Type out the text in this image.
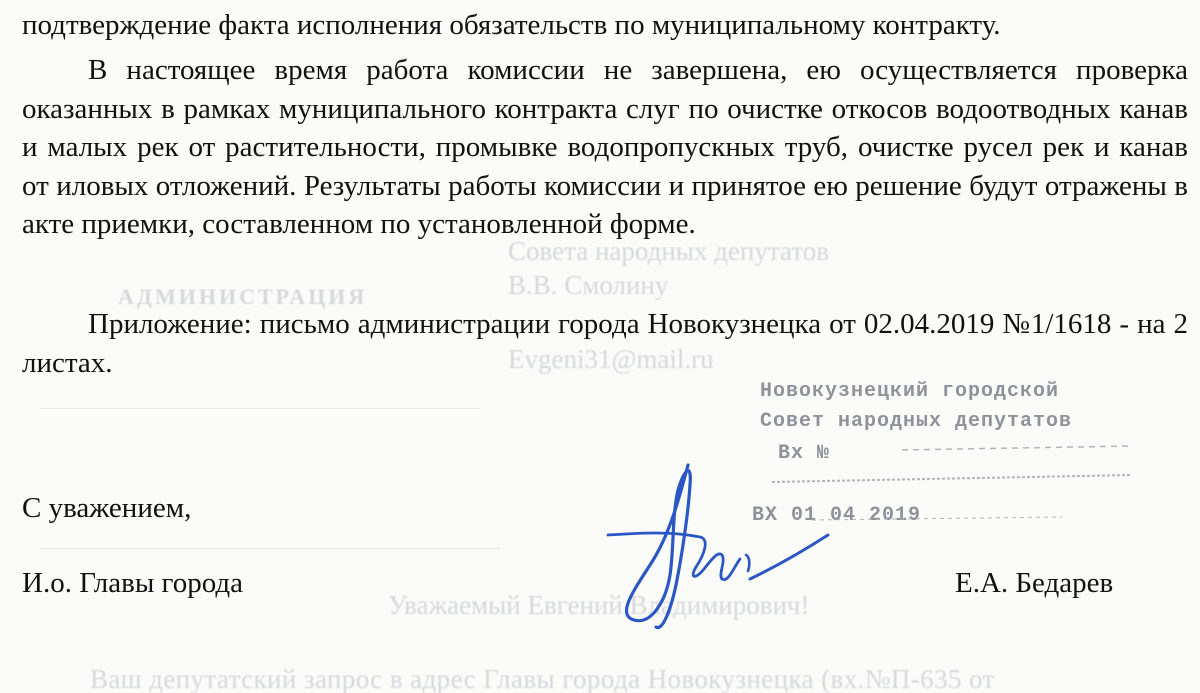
Совета народных депутатов
В.В. Смолину
Evgeni31@mail.ru
АДМИНИСТРАЦИЯ
Уважаемый Евгений Владимирович!
Ваш депутатский запрос в адрес Главы города Новокузнецка (вх.№П-635 от

подтверждение факта исполнения обязательств по муниципальному контракту.

В настоящее время работа комиссии не завершена, ею осуществляется проверка оказанных в рамках муниципального контракта слуг по очистке откосов водоотводных канав и малых рек от растительности, промывке водопропускных труб, очистке русел рек и канав от иловых отложений. Результаты работы комиссии и принятое ею решение будут отражены в акте приемки, составленном по установленной форме.

Приложение: письмо администрации города Новокузнецка от 02.04.2019 №1/1618 - на 2 листах.

С уважением,

И.о. Главы города	Е.А. Бедарев

Новокузнецкий городской
Совет народных депутатов
Вх №
ВХ 01 04 2019
